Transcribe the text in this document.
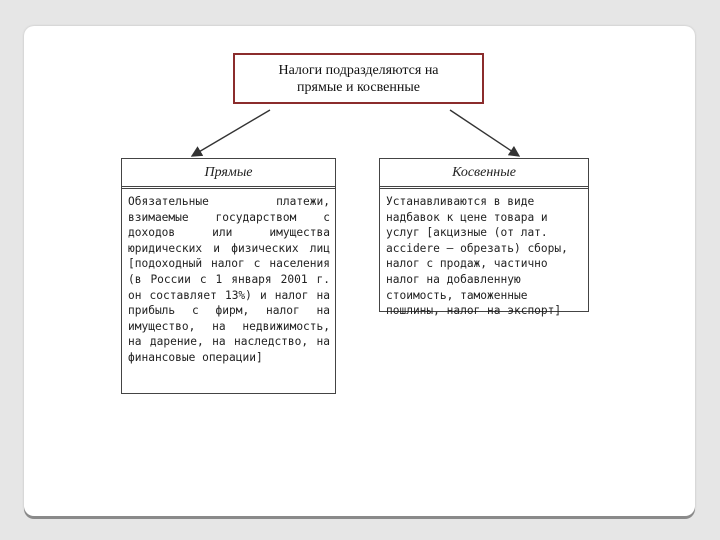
Налоги подразделяются на
прямые и косвенные
Прямые
Обязательные платежи, взимаемые государством с доходов или имущества юридических и физических лиц [подоходный налог с населения (в России с 1 января 2001 г. он составляет 13%) и налог на прибыль с фирм, налог на имущество, на недвижимость, на дарение, на наследство, на финансовые операции]
Косвенные
Устанавливаются в виде надбавок к цене товара и услуг [акцизные (от лат. accidere — обрезать) сборы, налог с продаж, частично налог на добавленную стоимость, таможенные пошлины, налог на экспорт]
